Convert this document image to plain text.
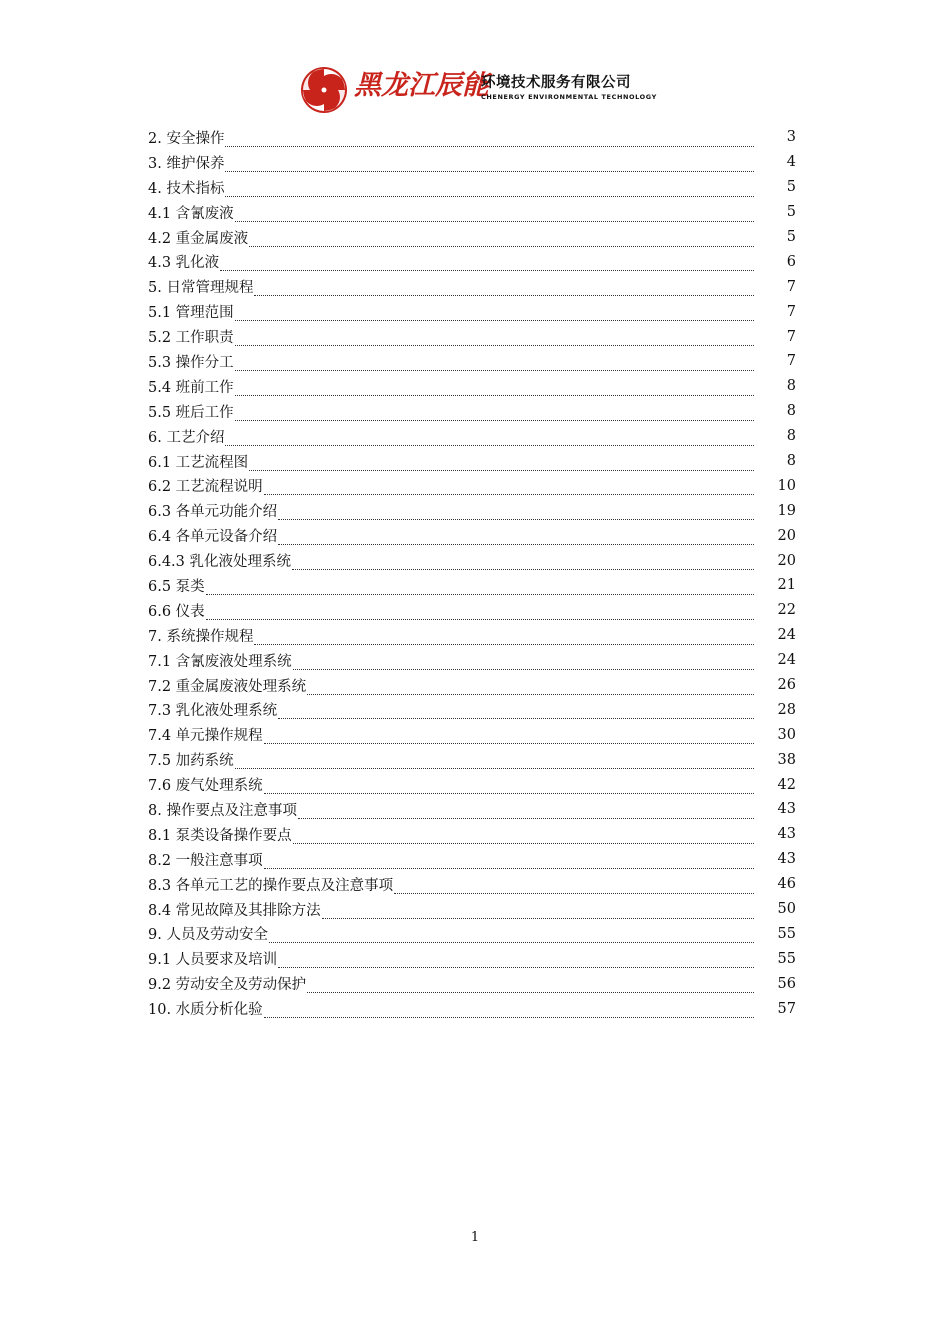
黑龙江辰能
环境技术服务有限公司
CHENERGY ENVIRONMENTAL TECHNOLOGY
2. 安全操作	3
3. 维护保养	4
4. 技术指标	5
4.1 含氰废液	5
4.2 重金属废液	5
4.3 乳化液	6
5. 日常管理规程	7
5.1 管理范围	7
5.2 工作职责	7
5.3 操作分工	7
5.4 班前工作	8
5.5 班后工作	8
6. 工艺介绍	8
6.1 工艺流程图	8
6.2 工艺流程说明	10
6.3 各单元功能介绍	19
6.4 各单元设备介绍	20
6.4.3 乳化液处理系统	20
6.5 泵类	21
6.6 仪表	22
7. 系统操作规程	24
7.1 含氰废液处理系统	24
7.2 重金属废液处理系统	26
7.3 乳化液处理系统	28
7.4 单元操作规程	30
7.5 加药系统	38
7.6 废气处理系统	42
8. 操作要点及注意事项	43
8.1 泵类设备操作要点	43
8.2 一般注意事项	43
8.3 各单元工艺的操作要点及注意事项	46
8.4 常见故障及其排除方法	50
9. 人员及劳动安全	55
9.1 人员要求及培训	55
9.2 劳动安全及劳动保护	56
10. 水质分析化验	57
1
